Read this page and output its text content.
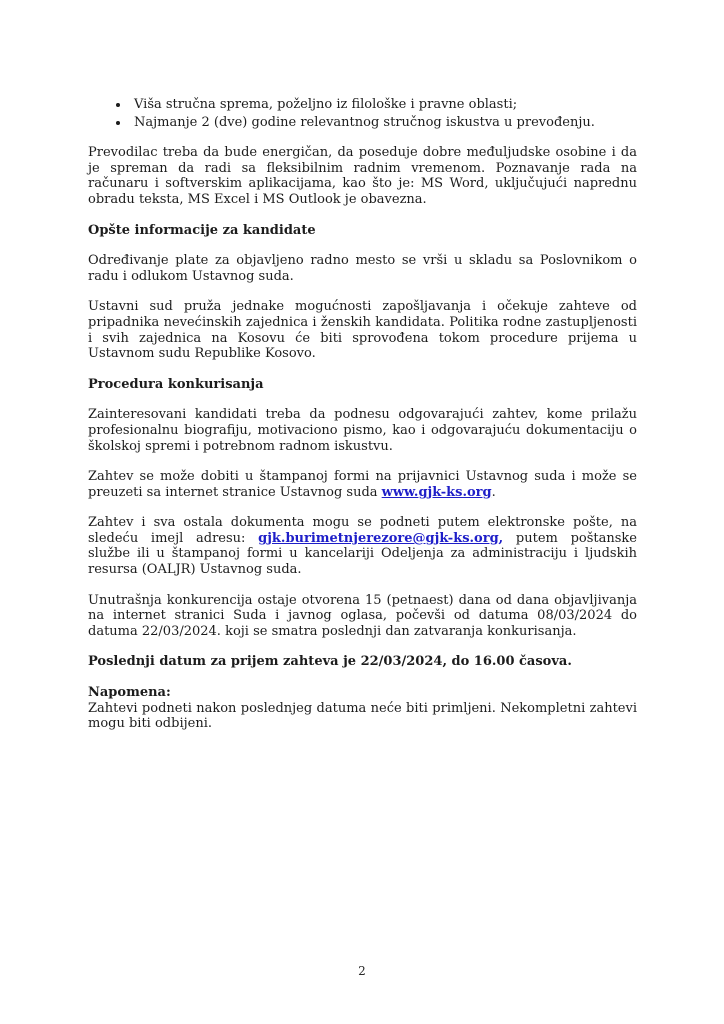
• Viša stručna sprema, poželjno iz filološke i pravne oblasti;
• Najmanje 2 (dve) godine relevantnog stručnog iskustva u prevođenju.

Prevodilac treba da bude energičan, da poseduje dobre međuljudske osobine i da je spreman da radi sa fleksibilnim radnim vremenom. Poznavanje rada na računaru i softverskim aplikacijama, kao što je: MS Word, uključujući naprednu obradu teksta, MS Excel i MS Outlook je obavezna.

Opšte informacije za kandidate

Određivanje plate za objavljeno radno mesto se vrši u skladu sa Poslovnikom o radu i odlukom Ustavnog suda.

Ustavni sud pruža jednake mogućnosti zapošljavanja i očekuje zahteve od pripadnika nevećinskih zajednica i ženskih kandidata. Politika rodne zastupljenosti i svih zajednica na Kosovu će biti sprovođena tokom procedure prijema u Ustavnom sudu Republike Kosovo.

Procedura konkurisanja

Zainteresovani kandidati treba da podnesu odgovarajući zahtev, kome prilažu profesionalnu biografiju, motivaciono pismo, kao i odgovarajuću dokumentaciju o školskoj spremi i potrebnom radnom iskustvu.

Zahtev se može dobiti u štampanoj formi na prijavnici Ustavnog suda i može se preuzeti sa internet stranice Ustavnog suda www.gjk-ks.org.

Zahtev i sva ostala dokumenta mogu se podneti putem elektronske pošte, na sledeću imejl adresu: gjk.burimetnjerezore@gjk-ks.org, putem poštanske službe ili u štampanoj formi u kancelariji Odeljenja za administraciju i ljudskih resursa (OALJR) Ustavnog suda.

Unutrašnja konkurencija ostaje otvorena 15 (petnaest) dana od dana objavljivanja na internet stranici Suda i javnog oglasa, počevši od datuma 08/03/2024 do datuma 22/03/2024. koji se smatra poslednji dan zatvaranja konkurisanja.

Poslednji datum za prijem zahteva je 22/03/2024, do 16.00 časova.

Napomena:
Zahtevi podneti nakon poslednjeg datuma neće biti primljeni. Nekompletni zahtevi mogu biti odbijeni.
2
